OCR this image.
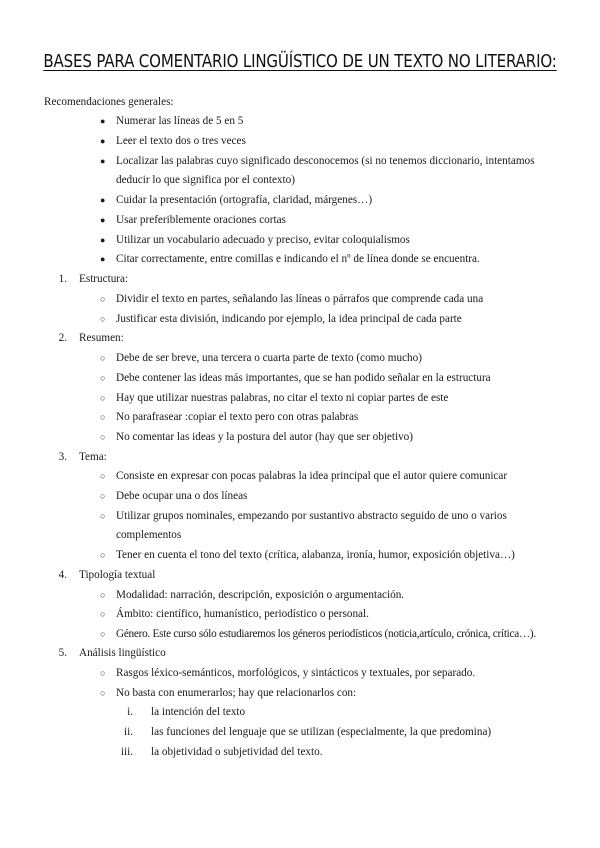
BASES PARA COMENTARIO LINGÜÍSTICO DE UN TEXTO NO LITERARIO:
Recomendaciones generales:
● Numerar las líneas de 5 en 5
● Leer el texto dos o tres veces
● Localizar las palabras cuyo significado desconocemos (si no tenemos diccionario, intentamos
deducir lo que significa por el contexto)
● Cuidar la presentación (ortografía, claridad, márgenes…)
● Usar preferiblemente oraciones cortas
● Utilizar un vocabulario adecuado y preciso, evitar coloquialismos
● Citar correctamente, entre comillas e indicando el nº de línea donde se encuentra.
1. Estructura:
○ Dividir el texto en partes, señalando las líneas o párrafos que comprende cada una
○ Justificar esta división, indicando por ejemplo, la idea principal de cada parte
2. Resumen:
○ Debe de ser breve, una tercera o cuarta parte de texto (como mucho)
○ Debe contener las ideas más importantes, que se han podido señalar en la estructura
○ Hay que utilizar nuestras palabras, no citar el texto ni copiar partes de este
○ No parafrasear :copiar el texto pero con otras palabras
○ No comentar las ideas y la postura del autor (hay que ser objetivo)
3. Tema:
○ Consiste en expresar con pocas palabras la idea principal que el autor quiere comunicar
○ Debe ocupar una o dos líneas
○ Utilizar grupos nominales, empezando por sustantivo abstracto seguido de uno o varios
complementos
○ Tener en cuenta el tono del texto (crítica, alabanza, ironía, humor, exposición objetiva…)
4. Tipología textual
○ Modalidad: narración, descripción, exposición o argumentación.
○ Ámbito: científico, humanístico, periodístico o personal.
○ Género. Este curso sólo estudiaremos los géneros periodísticos (noticia,artículo, crónica, crítica…).
5. Análisis lingüístico
○ Rasgos léxico-semánticos, morfológicos, y sintácticos y textuales, por separado.
○ No basta con enumerarlos; hay que relacionarlos con:
i. la intención del texto
ii. las funciones del lenguaje que se utilizan (especialmente, la que predomina)
iii. la objetividad o subjetividad del texto.
